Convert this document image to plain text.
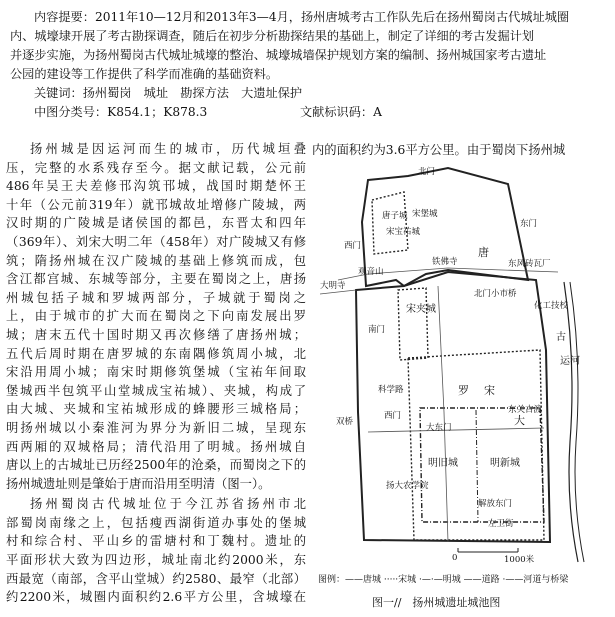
内容提要：2011年10—12月和2013年3—4月，扬州唐城考古工作队先后在扬州蜀岗古代城址城圈
内、城壕埭开展了考古勘探调查，随后在初步分析勘探结果的基础上，制定了详细的考古发掘计划
并逐步实施，为扬州蜀岗古代城址城壕的整治、城壕城墙保护规划方案的编制、扬州城国家考古遗址
公园的建设等工作提供了科学而准确的基础资料。
关键词：扬州蜀岗　城址　勘探方法　大遗址保护
中图分类号：K854.1；K878.3	文献标识码：A
扬州城是因运河而生的城市，历代城垣叠
压，完整的水系残存至今。据文献记载，公元前
486年吴王夫差修邗沟筑邗城，战国时期楚怀王
十年（公元前319年）就邗城故址增修广陵城，两
汉时期的广陵城是诸侯国的都邑，东晋太和四年
（369年）、刘宋大明二年（458年）对广陵城又有修
筑；隋扬州城在汉广陵城的基础上修筑而成，包
含江都宫城、东城等部分，主要在蜀岗之上，唐扬
州城包括子城和罗城两部分，子城就于蜀岗之
上，由于城市的扩大而在蜀岗之下向南发展出罗
城；唐末五代十国时期又再次修缮了唐扬州城；
五代后周时期在唐罗城的东南隅修筑周小城，北
宋沿用周小城；南宋时期修筑堡城（宝祐年间取
堡城西半包筑平山堂城成宝祐城）、夹城，构成了
由大城、夹城和宝祐城形成的蜂腰形三城格局；
明扬州城以小秦淮河为界分为新旧二城，呈现东
西两厢的双城格局；清代沿用了明城。扬州城自
唐以上的古城址已历经2500年的沧桑，而蜀岗之下的
扬州城遗址则是肇始于唐而沿用至明清（图一）。
扬州蜀岗古代城址位于今江苏省扬州市北
部蜀岗南缘之上，包括瘦西湖街道办事处的堡城
村和综合村、平山乡的雷塘村和丁魏村。遗址的
平面形状大致为四边形，城址南北约2000米，东
西最宽（南部，含平山堂城）约2580、最窄（北部）
约2200米，城圈内面积约2.6平方公里，含城壕在
内的面积约为3.6平方公里。由于蜀岗下扬州城
唐子城 宋堡城
宋宝祐城
唐
西门
北门
东门
观音山
铁佛寺	东风砖瓦厂
大明寺
宋夹城	化工技校
北门小市桥
南门
科学路	罗 宋
大
明旧城	明新城
运河
古
双桥
西门
扬大农学院
解放东门
大东门
东关古渡
左卫街
0	1000米
图例：——唐城 ·····宋城 ·—·—明城 ——道路 ·——河道与桥梁
图一//　扬州城遗址城池图
